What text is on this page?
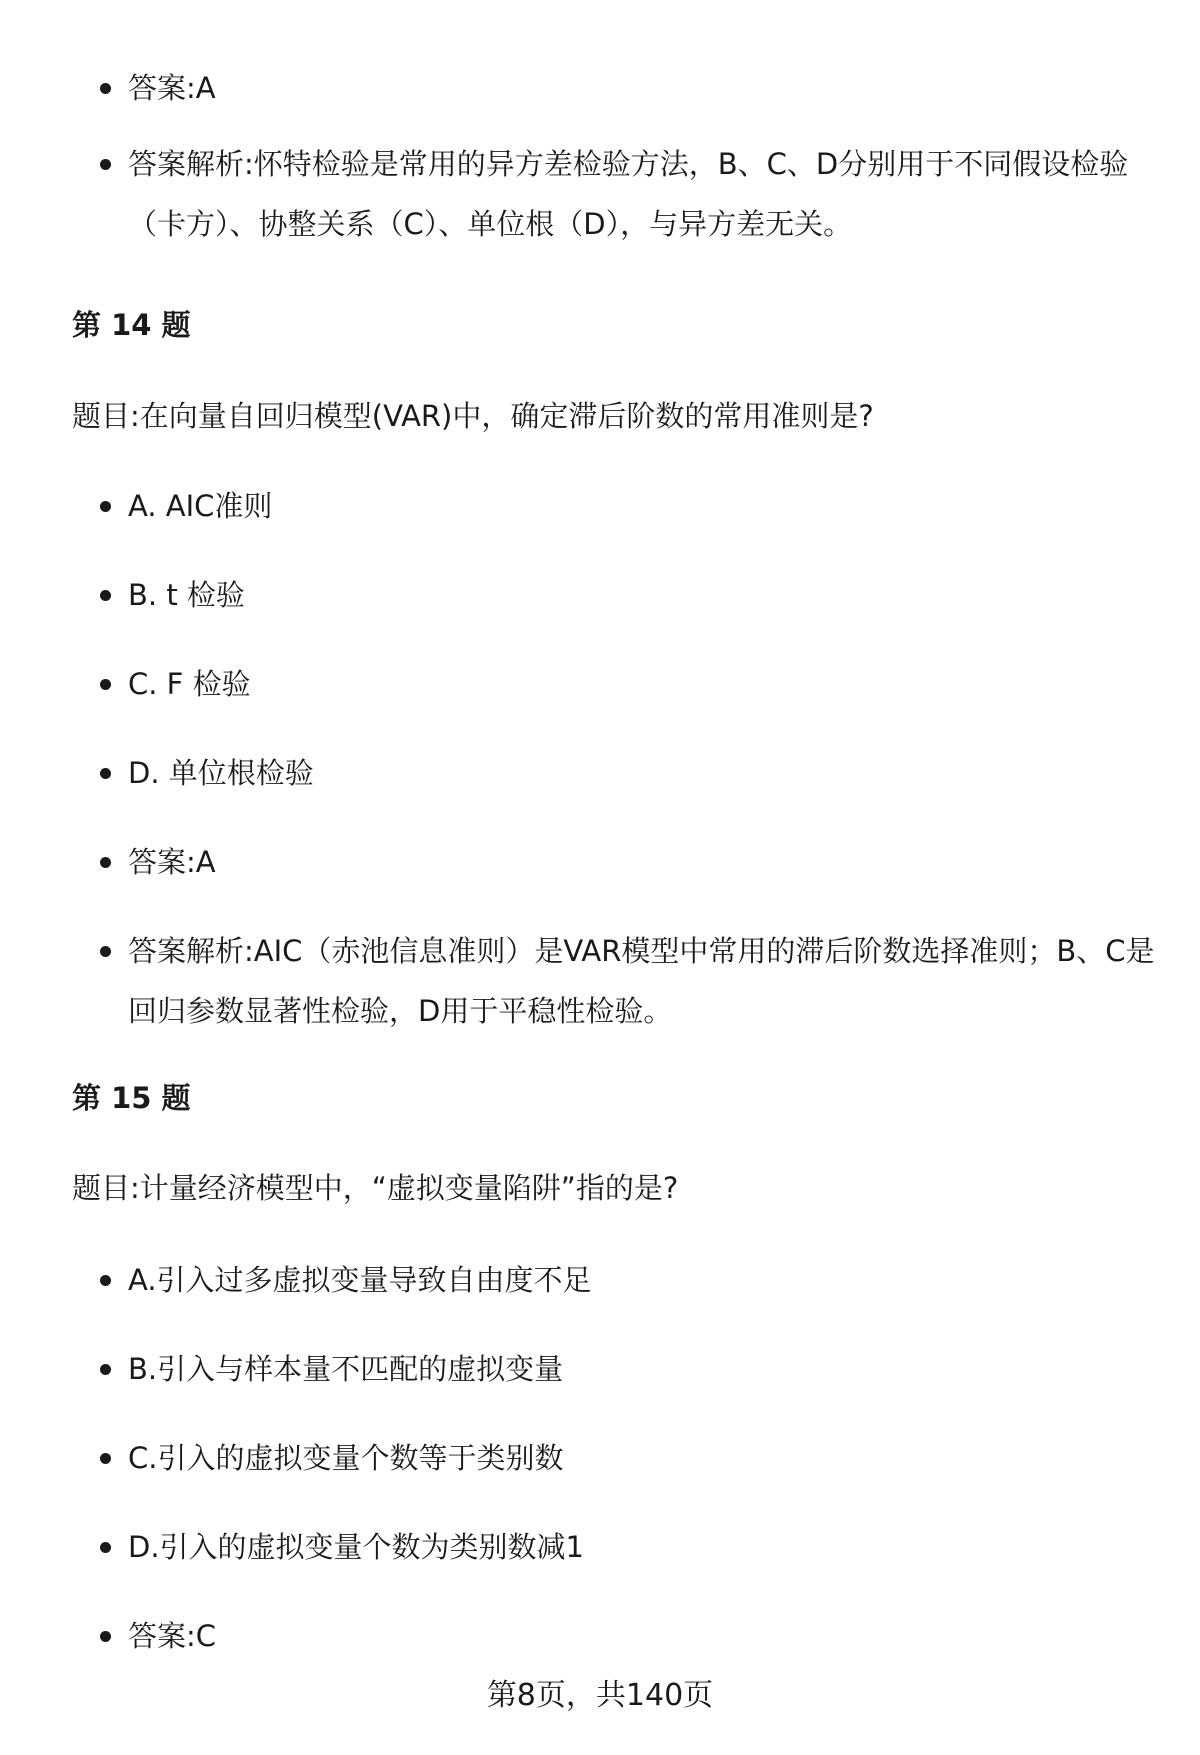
答案:A
答案解析:怀特检验是常用的异方差检验方法，B、C、D分别用于不同假设检验（卡方）、协整关系（C）、单位根（D），与异方差无关。
第 14 题
题目:在向量自回归模型(VAR)中，确定滞后阶数的常用准则是?
A. AIC准则
B. t 检验
C. F 检验
D. 单位根检验
答案:A
答案解析:AIC（赤池信息准则）是VAR模型中常用的滞后阶数选择准则；B、C是回归参数显著性检验，D用于平稳性检验。
第 15 题
题目:计量经济模型中，“虚拟变量陷阱”指的是?
A.引入过多虚拟变量导致自由度不足
B.引入与样本量不匹配的虚拟变量
C.引入的虚拟变量个数等于类别数
D.引入的虚拟变量个数为类别数减1
答案:C
第8页，共140页
